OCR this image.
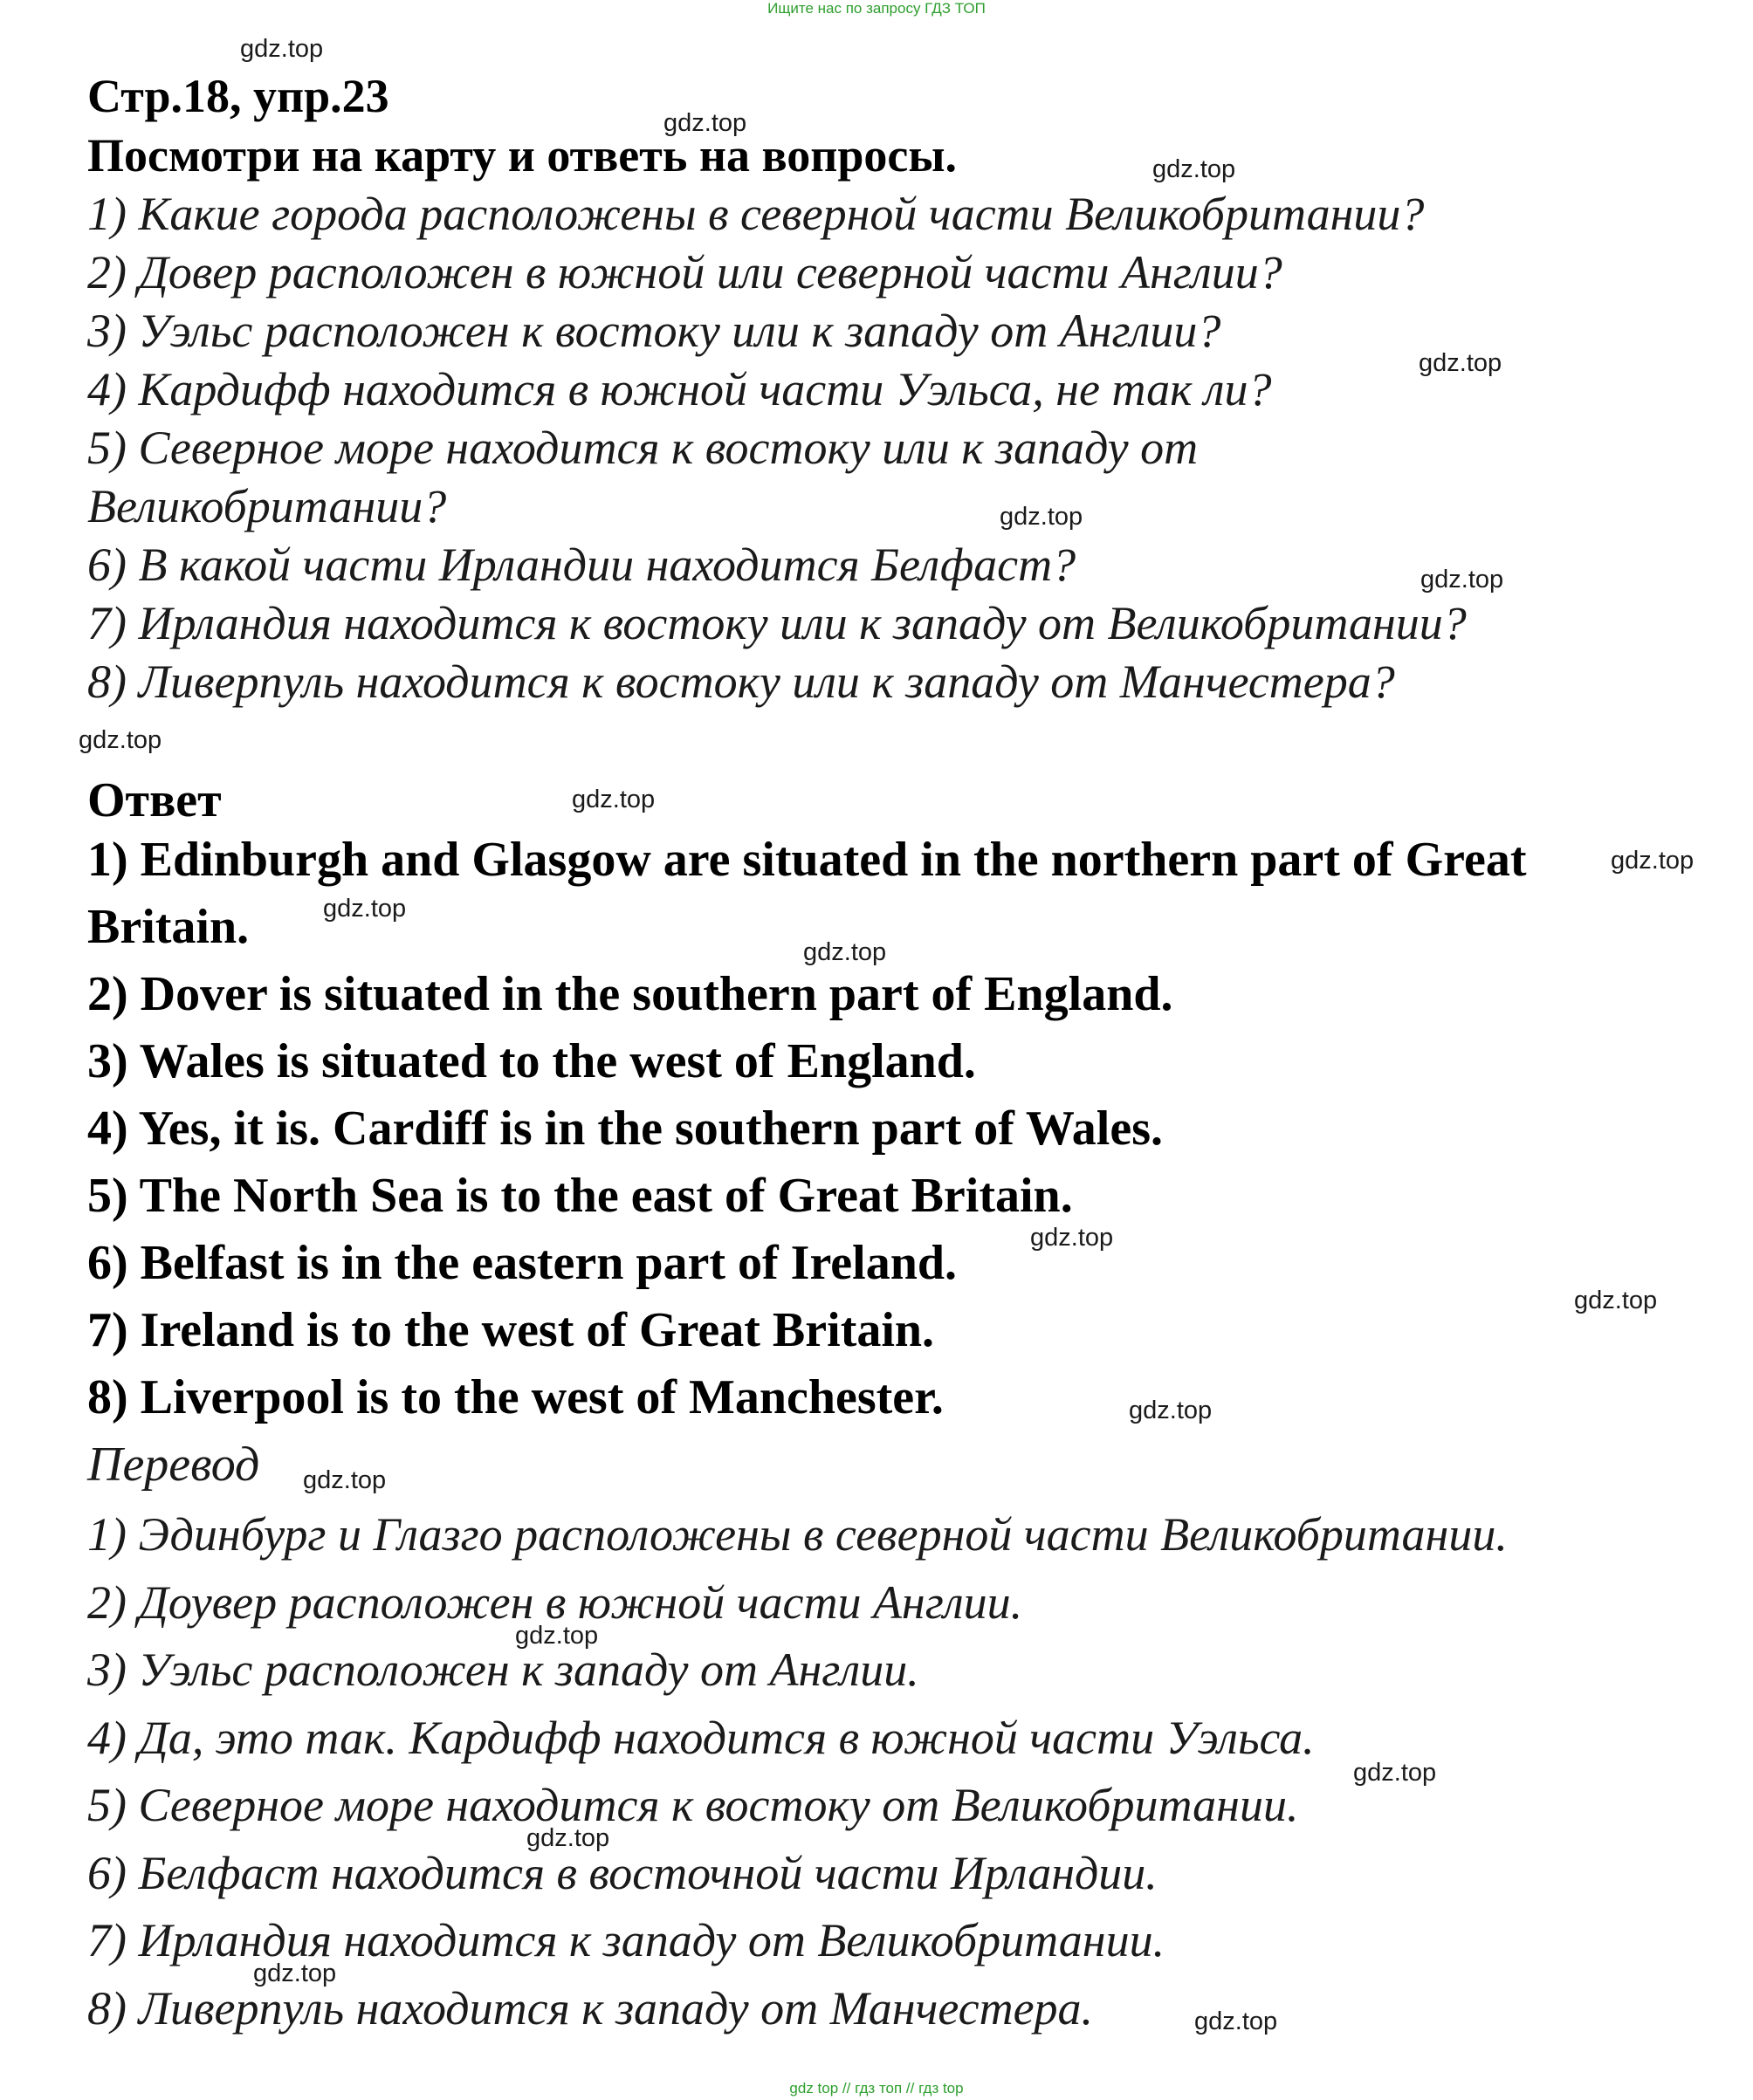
Ищите нас по запросу ГДЗ ТОП
Стр.18, упр.23
Посмотри на карту и ответь на вопросы.
1) Какие города расположены в северной части Великобритании?
2) Довер расположен в южной или северной части Англии?
3) Уэльс расположен к востоку или к западу от Англии?
4) Кардифф находится в южной части Уэльса, не так ли?
5) Северное море находится к востоку или к западу от
Великобритании?
6) В какой части Ирландии находится Белфаст?
7) Ирландия находится к востоку или к западу от Великобритании?
8) Ливерпуль находится к востоку или к западу от Манчестера?
Ответ
1) Edinburgh and Glasgow are situated in the northern part of Great
Britain.
2) Dover is situated in the southern part of England.
3) Wales is situated to the west of England.
4) Yes, it is. Cardiff is in the southern part of Wales.
5) The North Sea is to the east of Great Britain.
6) Belfast is in the eastern part of Ireland.
7) Ireland is to the west of Great Britain.
8) Liverpool is to the west of Manchester.
Перевод
1) Эдинбург и Глазго расположены в северной части Великобритании.
2) Доувер расположен в южной части Англии.
3) Уэльс расположен к западу от Англии.
4) Да, это так. Кардифф находится в южной части Уэльса.
5) Северное море находится к востоку от Великобритании.
6) Белфаст находится в восточной части Ирландии.
7) Ирландия находится к западу от Великобритании.
8) Ливерпуль находится к западу от Манчестера.
gdz.top
gdz.top
gdz.top
gdz.top
gdz.top
gdz.top
gdz.top
gdz.top
gdz.top
gdz.top
gdz.top
gdz.top
gdz.top
gdz.top
gdz.top
gdz.top
gdz.top
gdz.top
gdz.top
gdz.top
gdz top // гдз топ // гдз top
